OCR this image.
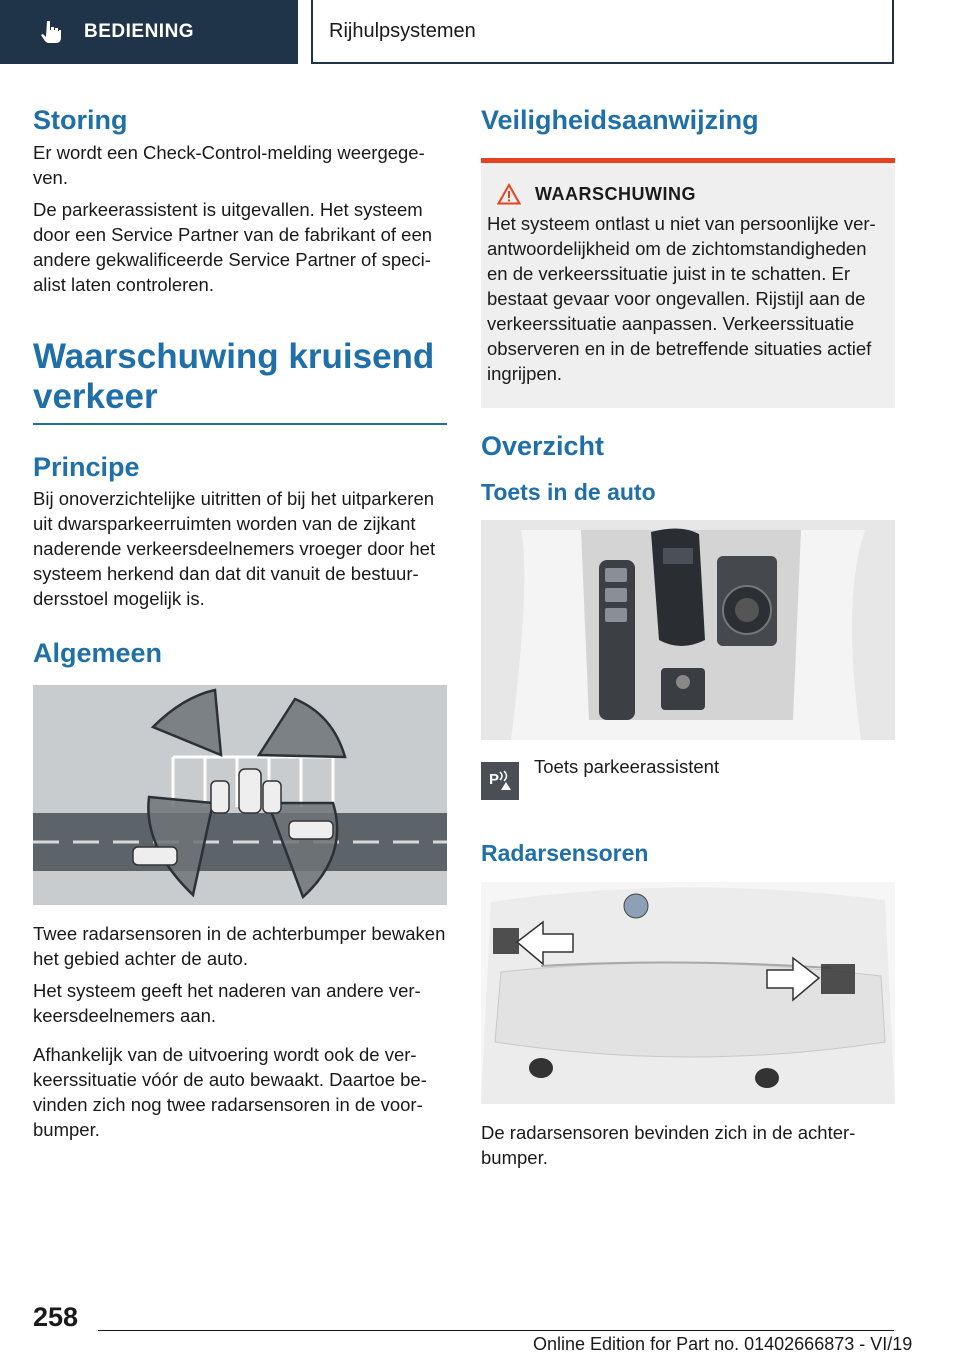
BEDIENING	Rijhulpsystemen
Storing

Er wordt een Check-Control-melding weergegeven.

De parkeerassistent is uitgevallen. Het systeem door een Service Partner van de fabrikant of een andere gekwalificeerde Service Partner of specialist laten controleren.

Waarschuwing kruisend
verkeer
Principe

Bij onoverzichtelijke uitritten of bij het uitparkeren uit dwarsparkeerruimten worden van de zijkant naderende verkeersdeelnemers vroeger door het systeem herkend dan dat dit vanuit de bestuurdersstoel mogelijk is.

Algemeen

Twee radarsensoren in de achterbumper bewaken het gebied achter de auto.

Het systeem geeft het naderen van andere verkeersdeelnemers aan.

Afhankelijk van de uitvoering wordt ook de verkeerssituatie vóór de auto bewaakt. Daartoe bevinden zich nog twee radarsensoren in de voorbumper.

Veiligheidsaanwijzing
WAARSCHUWING

Het systeem ontlast u niet van persoonlijke verantwoordelijkheid om de zichtomstandigheden en de verkeerssituatie juist in te schatten. Er bestaat gevaar voor ongevallen. Rijstijl aan de verkeerssituatie aanpassen. Verkeerssituatie observeren en in de betreffende situaties actief ingrijpen.

Overzicht
Toets in de auto
P

Toets parkeerassistent

Radarsensoren

De radarsensoren bevinden zich in de achterbumper.

258
Online Edition for Part no. 01402666873 - VI/19
